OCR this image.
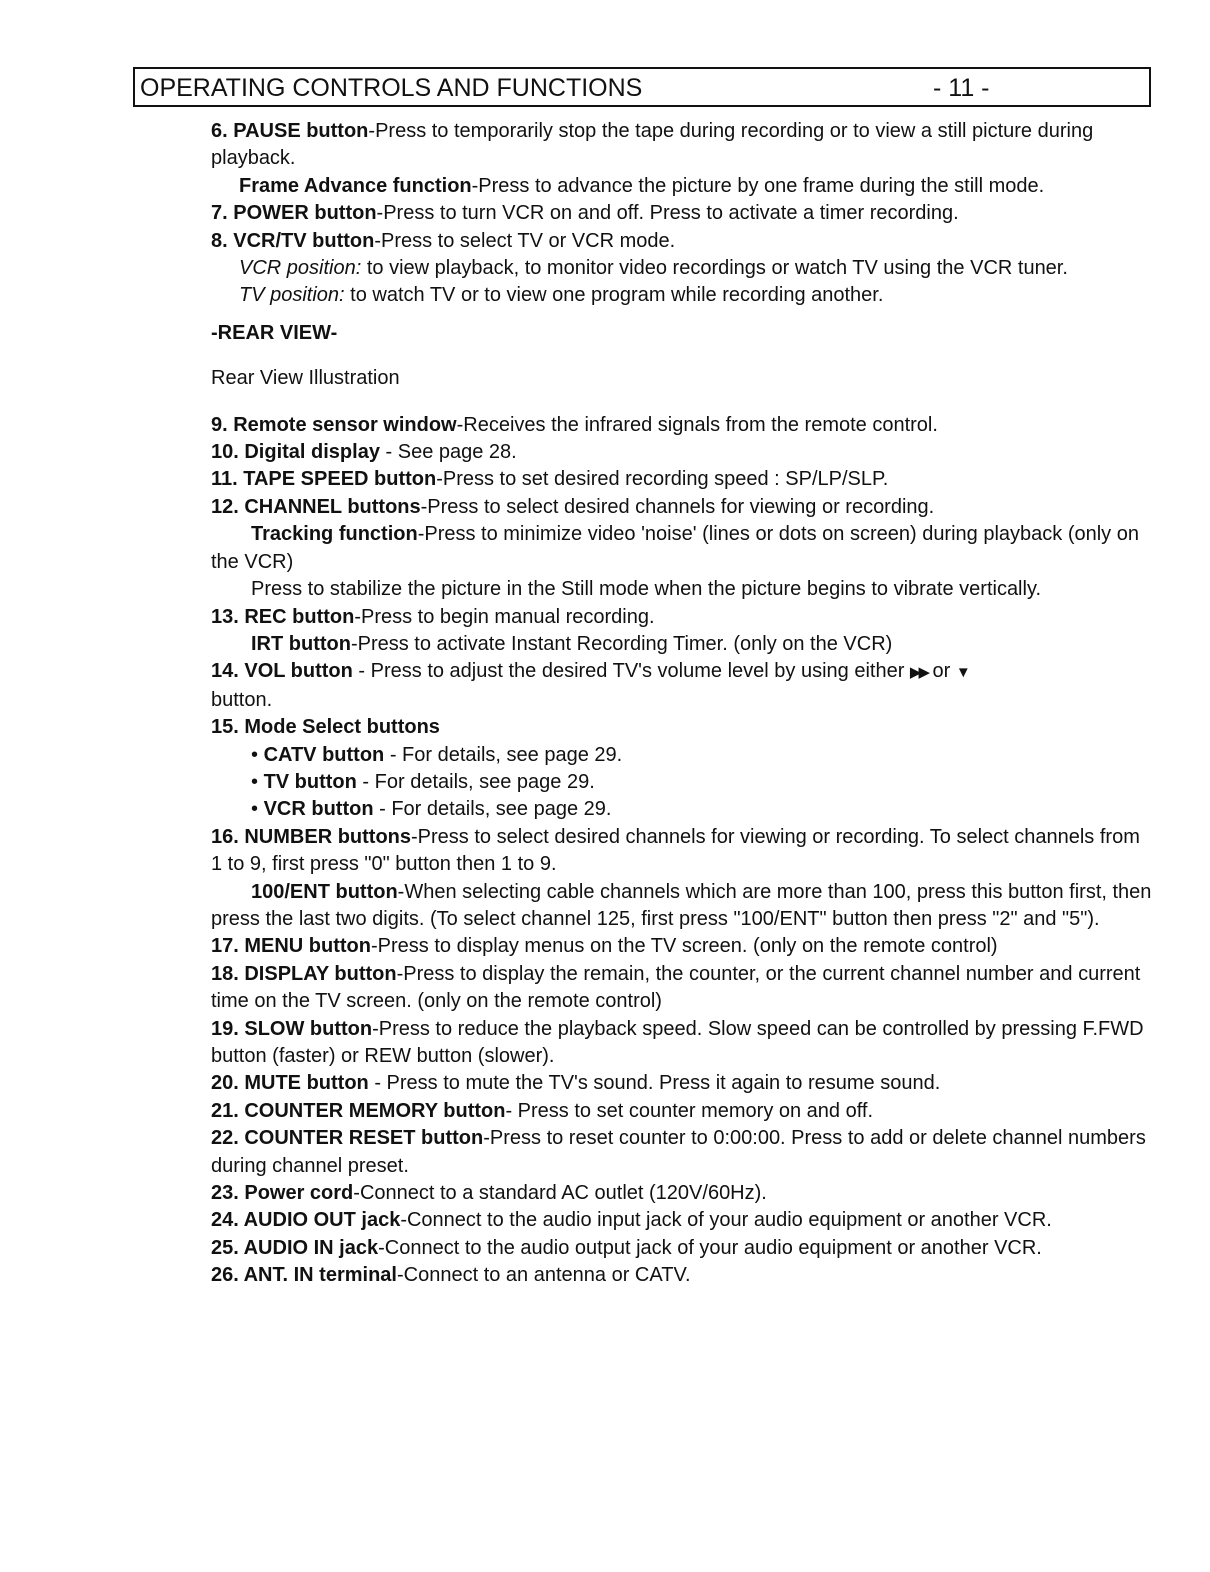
OPERATING CONTROLS AND FUNCTIONS	- 11 -

6. PAUSE button-Press to temporarily stop the tape during recording or to view a still picture during playback.

Frame Advance function-Press to advance the picture by one frame during the still mode.

7. POWER button-Press to turn VCR on and off. Press to activate a timer recording.

8. VCR/TV button-Press to select TV or VCR mode.

VCR position: to view playback, to monitor video recordings or watch TV using the VCR tuner.

TV position: to watch TV or to view one program while recording another.

-REAR VIEW-

Rear View Illustration

9. Remote sensor window-Receives the infrared signals from the remote control.

10. Digital display - See page 28.

11. TAPE SPEED button-Press to set desired recording speed : SP/LP/SLP.

12. CHANNEL buttons-Press to select desired channels for viewing or recording.

Tracking function-Press to minimize video 'noise' (lines or dots on screen) during playback (only on the VCR)

Press to stabilize the picture in the Still mode when the picture begins to vibrate vertically.

13. REC button-Press to begin manual recording.

IRT button-Press to activate Instant Recording Timer. (only on the VCR)

14. VOL button - Press to adjust the desired TV's volume level by using either ▶▶ or ▼
button.

15. Mode Select buttons

• CATV button - For details, see page 29.

• TV button - For details, see page 29.

• VCR button - For details, see page 29.

16. NUMBER buttons-Press to select desired channels for viewing or recording. To select channels from 1 to 9, first press "0" button then 1 to 9.

100/ENT button-When selecting cable channels which are more than 100, press this button first, then press the last two digits. (To select channel 125, first press "100/ENT" button then press "2" and "5").

17. MENU button-Press to display menus on the TV screen. (only on the remote control)

18. DISPLAY button-Press to display the remain, the counter, or the current channel number and current time on the TV screen. (only on the remote control)

19. SLOW button-Press to reduce the playback speed. Slow speed can be controlled by pressing F.FWD button (faster) or REW button (slower).

20. MUTE button - Press to mute the TV's sound. Press it again to resume sound.

21. COUNTER MEMORY button- Press to set counter memory on and off.

22. COUNTER RESET button-Press to reset counter to 0:00:00. Press to add or delete channel numbers during channel preset.

23. Power cord-Connect to a standard AC outlet (120V/60Hz).

24. AUDIO OUT jack-Connect to the audio input jack of your audio equipment or another VCR.

25. AUDIO IN jack-Connect to the audio output jack of your audio equipment or another VCR.

26. ANT. IN terminal-Connect to an antenna or CATV.
